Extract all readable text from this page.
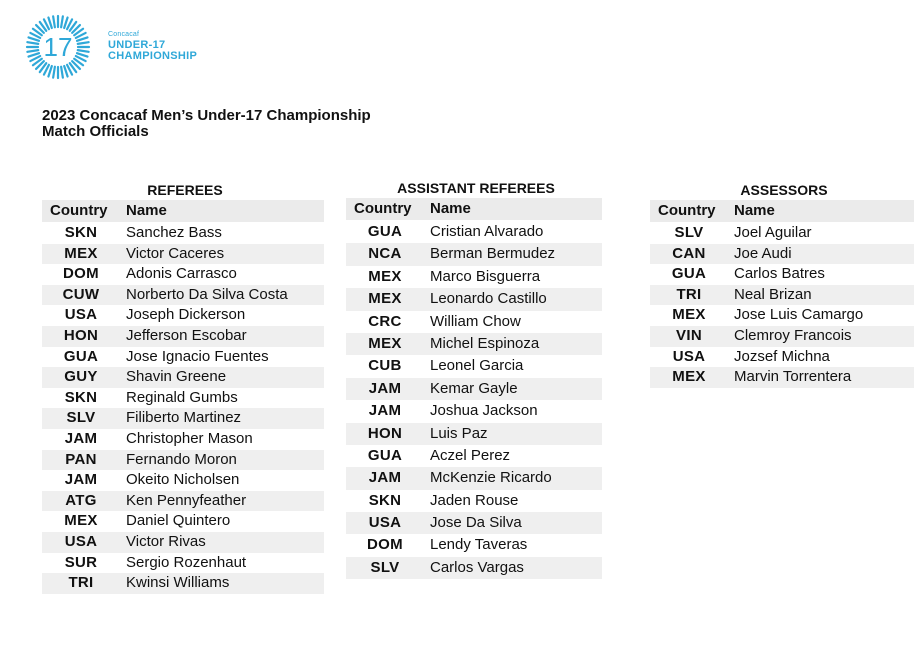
17	Concacaf
UNDER-17
CHAMPIONSHIP
2023 Concacaf Men’s Under-17 Championship
Match Officials
REFEREES
Country	Name
SKN	Sanchez Bass
MEX	Victor Caceres
DOM	Adonis Carrasco
CUW	Norberto Da Silva Costa
USA	Joseph Dickerson
HON	Jefferson Escobar
GUA	Jose Ignacio Fuentes
GUY	Shavin Greene
SKN	Reginald Gumbs
SLV	Filiberto Martinez
JAM	Christopher Mason
PAN	Fernando Moron
JAM	Okeito Nicholsen
ATG	Ken Pennyfeather
MEX	Daniel Quintero
USA	Victor Rivas
SUR	Sergio Rozenhaut
TRI	Kwinsi Williams
ASSISTANT REFEREES
Country	Name
GUA	Cristian Alvarado
NCA	Berman Bermudez
MEX	Marco Bisguerra
MEX	Leonardo Castillo
CRC	William Chow
MEX	Michel Espinoza
CUB	Leonel Garcia
JAM	Kemar Gayle
JAM	Joshua Jackson
HON	Luis Paz
GUA	Aczel Perez
JAM	McKenzie Ricardo
SKN	Jaden Rouse
USA	Jose Da Silva
DOM	Lendy Taveras
SLV	Carlos Vargas
ASSESSORS
Country	Name
SLV	Joel Aguilar
CAN	Joe Audi
GUA	Carlos Batres
TRI	Neal Brizan
MEX	Jose Luis Camargo
VIN	Clemroy Francois
USA	Jozsef Michna
MEX	Marvin Torrentera
